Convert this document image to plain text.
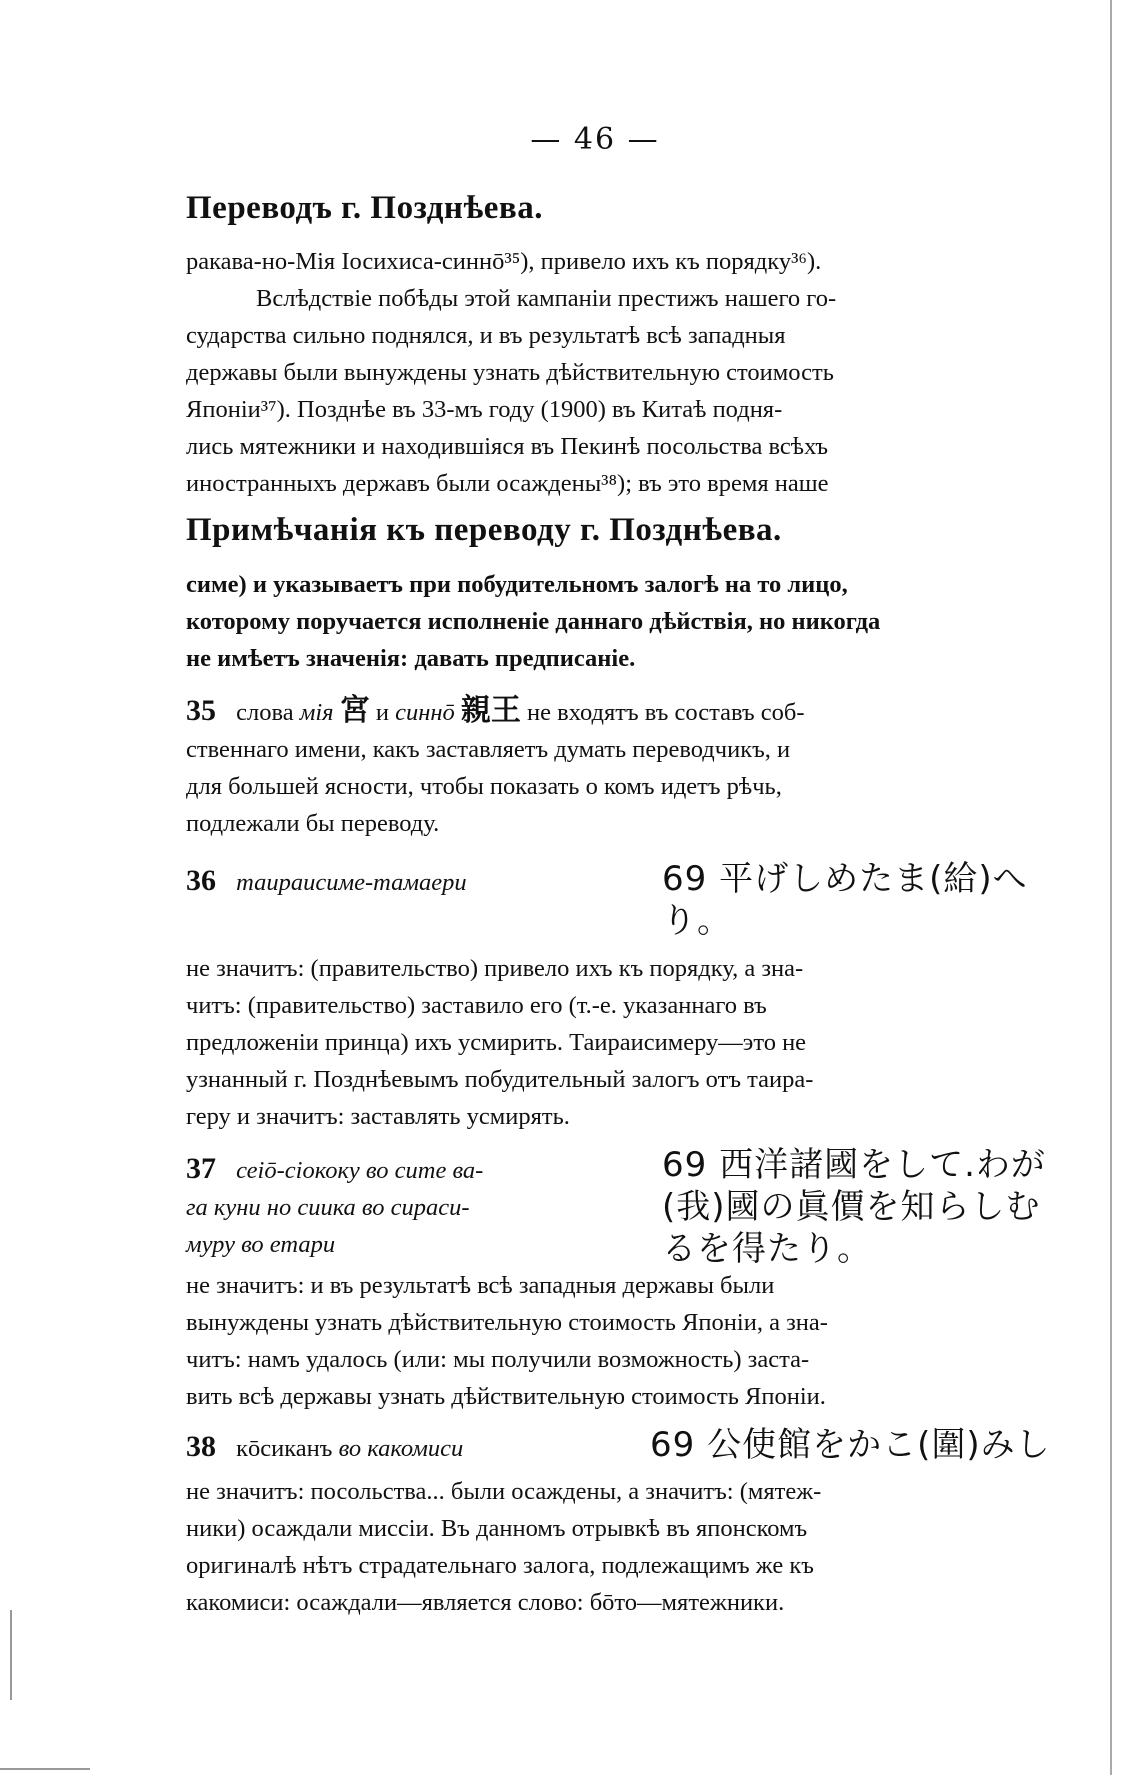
— 46 —
Переводъ г. Позднѣева.
ракава-но-Мія Іосихиса-синнō³⁵), привело ихъ къ порядку³⁶).
Вслѣдствіе побѣды этой кампаніи престижъ нашего го-
сударства сильно поднялся, и въ результатѣ всѣ западныя
державы были вынуждены узнать дѣйствительную стоимость
Японіи³⁷). Позднѣе въ 33-мъ году (1900) въ Китаѣ подня-
лись мятежники и находившіяся въ Пекинѣ посольства всѣхъ
иностранныхъ державъ были осаждены³⁸); въ это время наше
Примѣчанія къ переводу г. Позднѣева.
симе) и указываетъ при побудительномъ залогѣ на то лицо,
которому поручается исполненіе даннаго дѣйствія, но никогда
не имѣетъ значенія: давать предписаніе.
35 слова мія 宮 и синнō 親王 не входятъ въ составъ соб-
ственнаго имени, какъ заставляетъ думать переводчикъ, и
для большей ясности, чтобы показать о комъ идетъ рѣчь,
подлежали бы переводу.
36 таираисиме-тамаери	69 平げしめたま(給)へ
り。
не значитъ: (правительство) привело ихъ къ порядку, а зна-
читъ: (правительство) заставило его (т.-е. указаннаго въ
предложеніи принца) ихъ усмирить. Таираисимеру—это не
узнанный г. Позднѣевымъ побудительный залогъ отъ таира-
геру и значитъ: заставлять усмирять.
37 сеіō-сіококу во сите ва-
га куни но сиика во сираси-
муру во етари
69 西洋諸國をして.わが
(我)國の眞價を知らしむ
るを得たり。
не значитъ: и въ результатѣ всѣ западныя державы были
вынуждены узнать дѣйствительную стоимость Японіи, а зна-
читъ: намъ удалось (или: мы получили возможность) заста-
вить всѣ державы узнать дѣйствительную стоимость Японіи.
38 кōсиканъ во какомиси	69 公使館をかこ(圍)みし
не значитъ: посольства... были осаждены, а значитъ: (мятеж-
ники) осаждали миссіи. Въ данномъ отрывкѣ въ японскомъ
оригиналѣ нѣтъ страдательнаго залога, подлежащимъ же къ
какомиси: осаждали—является слово: бōто—мятежники.
